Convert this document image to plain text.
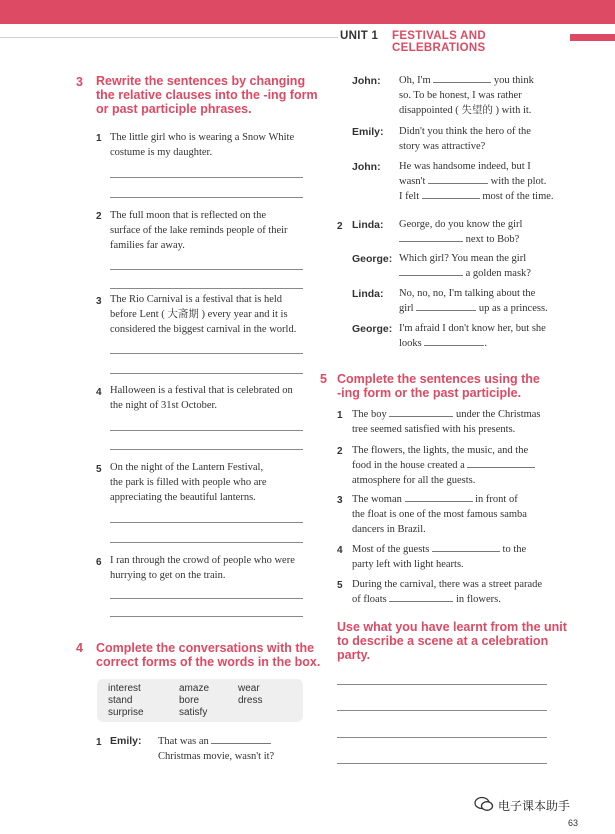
UNIT 1 FESTIVALS AND CELEBRATIONS
3 Rewrite the sentences by changing
the relative clauses into the -ing form
or past participle phrases.
1 The little girl who is wearing a Snow White
costume is my daughter.
2 The full moon that is reflected on the
surface of the lake reminds people of their
families far away.
3 The Rio Carnival is a festival that is held
before Lent ( 大斋期 ) every year and it is
considered the biggest carnival in the world.
4 Halloween is a festival that is celebrated on
the night of 31st October.
5 On the night of the Lantern Festival,
the park is filled with people who are
appreciating the beautiful lanterns.
6 I ran through the crowd of people who were
hurrying to get on the train.
4 Complete the conversations with the
correct forms of the words in the box.
interest	amaze	wear
stand	bore	dress
surprise	satisfy
1 Emily: That was an
Christmas movie, wasn't it?
John: Oh, I'm	you think
so. To be honest, I was rather
disappointed ( 失望的 ) with it.
Emily: Didn't you think the hero of the
story was attractive?
John: He was handsome indeed, but I
wasn't	with the plot.
I felt	most of the time.
2 Linda: George, do you know the girl
next to Bob?
George: Which girl? You mean the girl
a golden mask?
Linda: No, no, no, I'm talking about the
girl	up as a princess.
George: I'm afraid I don't know her, but she
looks	.
5 Complete the sentences using the
-ing form or the past participle.
1 The boy	under the Christmas
tree seemed satisfied with his presents.
2 The flowers, the lights, the music, and the
food in the house created a
atmosphere for all the guests.
3 The woman	in front of
the float is one of the most famous samba
dancers in Brazil.
4 Most of the guests	to the
party left with light hearts.
5 During the carnival, there was a street parade
of floats	in flowers.
Use what you have learnt from the unit
to describe a scene at a celebration
party.
电子课本助手
63
